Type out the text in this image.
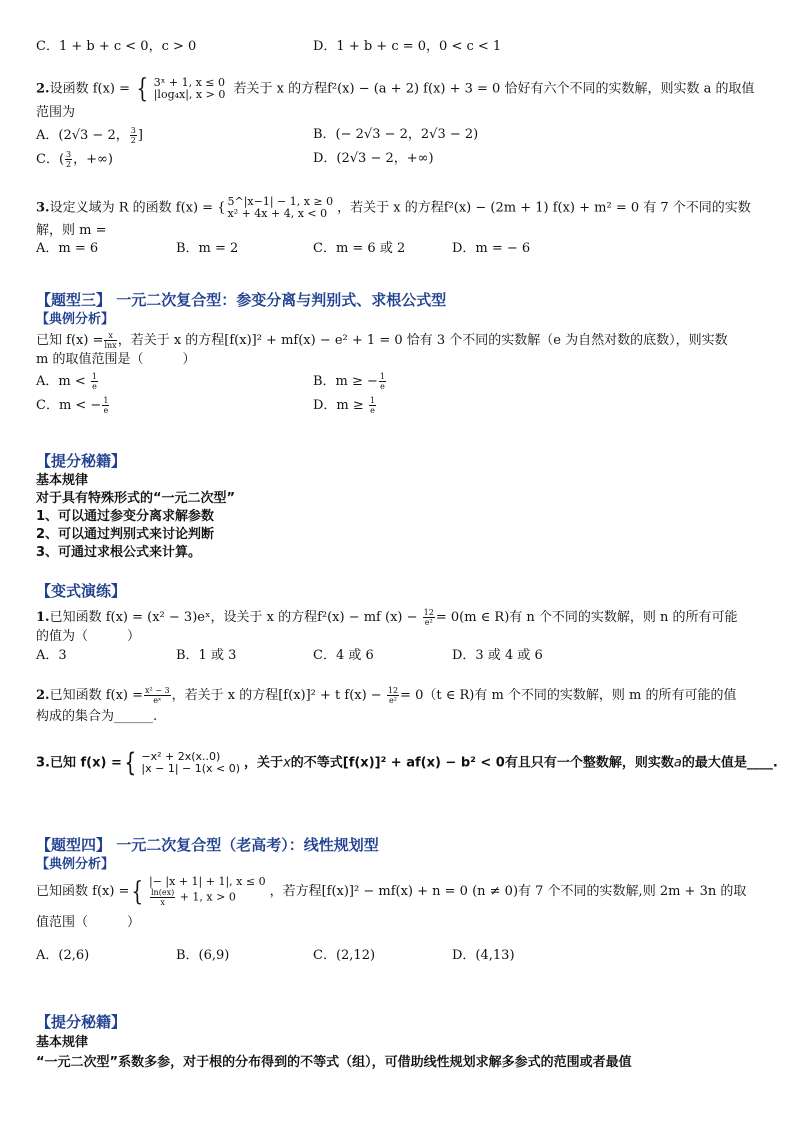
C．1 + b + c < 0，c > 0	D．1 + b + c = 0，0 < c < 1
2.设函数 f(x) = { 3ˣ + 1, x ≤ 0
|log₄x|, x > 0 若关于 x 的方程f²(x) − (a + 2) f(x) + 3 = 0 恰好有六个不同的实数解，则实数 a 的取值
范围为
A．(2√3 − 2， $\frac{3}{2}$ ]	B．(− 2√3 − 2，2√3 − 2)
C．( $\frac{3}{2}$ ，+∞)	D．(2√3 − 2，+∞)
3.设定义域为 R 的函数 f(x) = { 5^|x−1| − 1, x ≥ 0
x² + 4x + 4, x < 0 ，若关于 x 的方程f²(x) − (2m + 1) f(x) + m² = 0 有 7 个不同的实数
解，则 m =
A．m = 6	B．m = 2	C．m = 6 或 2	D．m = − 6
【题型三】 一元二次复合型：参变分离与判别式、求根公式型
【典例分析】
已知 $f(x) = \frac{x}{\ln x}$ ，若关于 x 的方程[f(x)]² + mf(x) − e² + 1 = 0 恰有 3 个不同的实数解（e 为自然对数的底数），则实数
m 的取值范围是（　　　）
A．$m < \frac{1}{e}$	B．m ≥ − $\frac{1}{e}$
C．m < − $\frac{1}{e}$	D．$m \ge \frac{1}{e}$
【提分秘籍】
基本规律
对于具有特殊形式的“一元二次型”
1、可以通过参变分离求解参数
2、可以通过判别式来讨论判断
3、可通过求根公式来计算。
【变式演练】
1.已知函数 f(x) = (x² − 3)eˣ，设关于 x 的方程f²(x) − mf $(x) - \frac{12}{\text{e²}} = 0(m$ ∈ R)有 n 个不同的实数解，则 n 的所有可能
的值为（　　　）
A．3	B．1 或 3	C．4 或 6	D．3 或 4 或 6
2.已知函数 $f(x) = \frac{\text{x² − 3}}{\text{eˣ}}$ ，若关于 x 的方程[f(x)]² + t $f(x) - \frac{12}{\text{e²}} = 0(t$ ∈ R)有 m 个不同的实数解，则 m 的所有可能的值
构成的集合为______.
3.已知 f(x) ={ −x² + 2x(x..0)
|x − 1| − 1(x < 0) ，关于x的不等式[f(x)]² + af(x) − b² < 0有且只有一个整数解，则实数a的最大值是____.
【题型四】 一元二次复合型（老高考）：线性规划型
【典例分析】
已知函数 f(x) ={ |− |x + 1| + 1|, x ≤ 0

$\frac{\ln(ex)}{x} + 1$, x > 0	，若方程[f(x)]² − mf(x) + n = 0 (n ≠ 0)有 7 个不同的实数解,则 2m + 3n 的取
值范围（　　　）
A．(2,6)	B．(6,9)	C．(2,12)	D．(4,13)
【提分秘籍】
基本规律
“一元二次型”系数多参，对于根的分布得到的不等式（组），可借助线性规划求解多参式的范围或者最值
